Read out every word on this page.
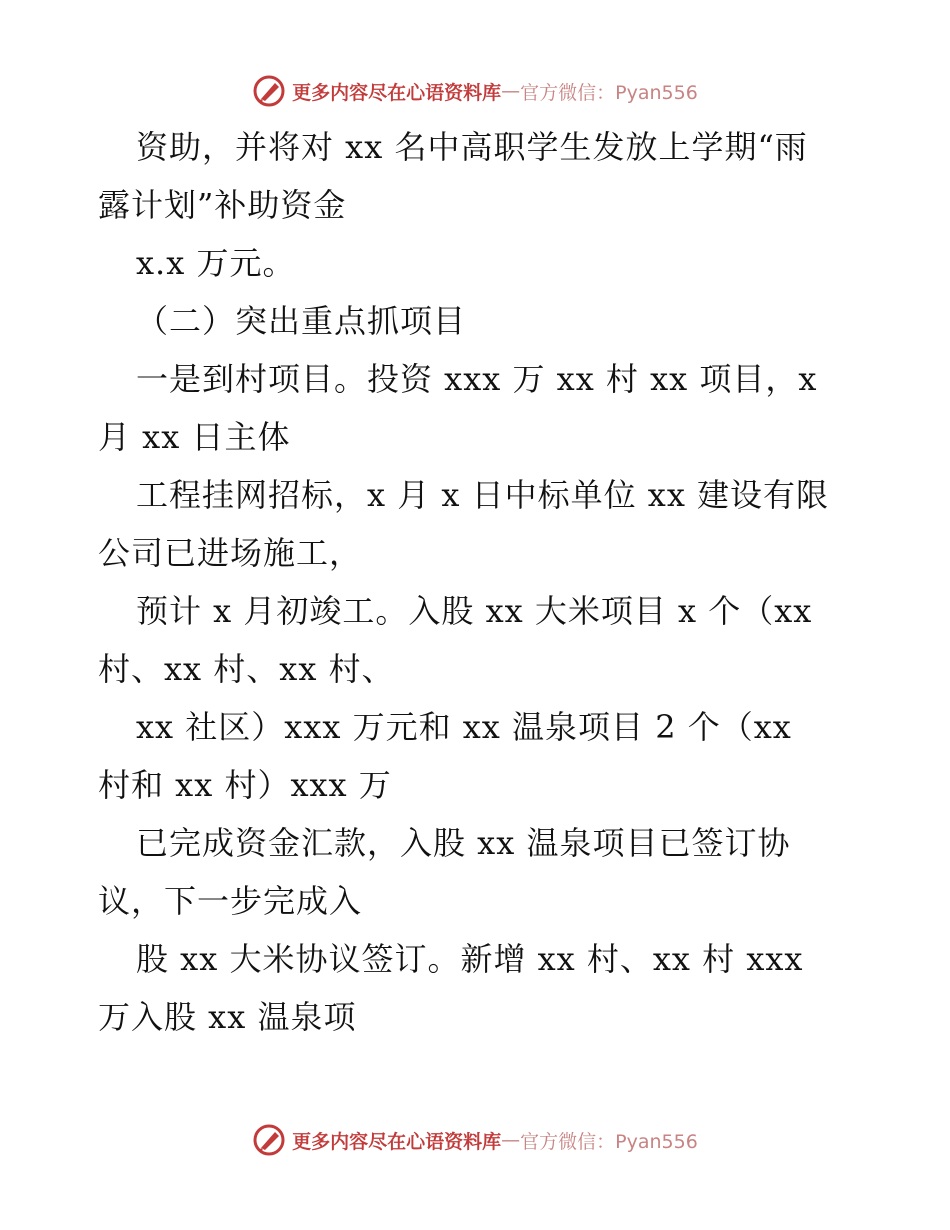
更多内容尽在心语资料库 — 官方微信：Pyan556
资助，并将对 xx 名中高职学生发放上学期“雨
露计划”补助资金
x.x 万元。
（二）突出重点抓项目
一是到村项目。投资 xxx 万 xx 村 xx 项目，x
月 xx 日主体
工程挂网招标，x 月 x 日中标单位 xx 建设有限
公司已进场施工，
预计 x 月初竣工。入股 xx 大米项目 x 个（xx
村、xx 村、xx 村、
xx 社区）xxx 万元和 xx 温泉项目 2 个（xx
村和 xx 村）xxx 万
已完成资金汇款，入股 xx 温泉项目已签订协
议，下一步完成入
股 xx 大米协议签订。新增 xx 村、xx 村 xxx
万入股 xx 温泉项
更多内容尽在心语资料库 — 官方微信：Pyan556
